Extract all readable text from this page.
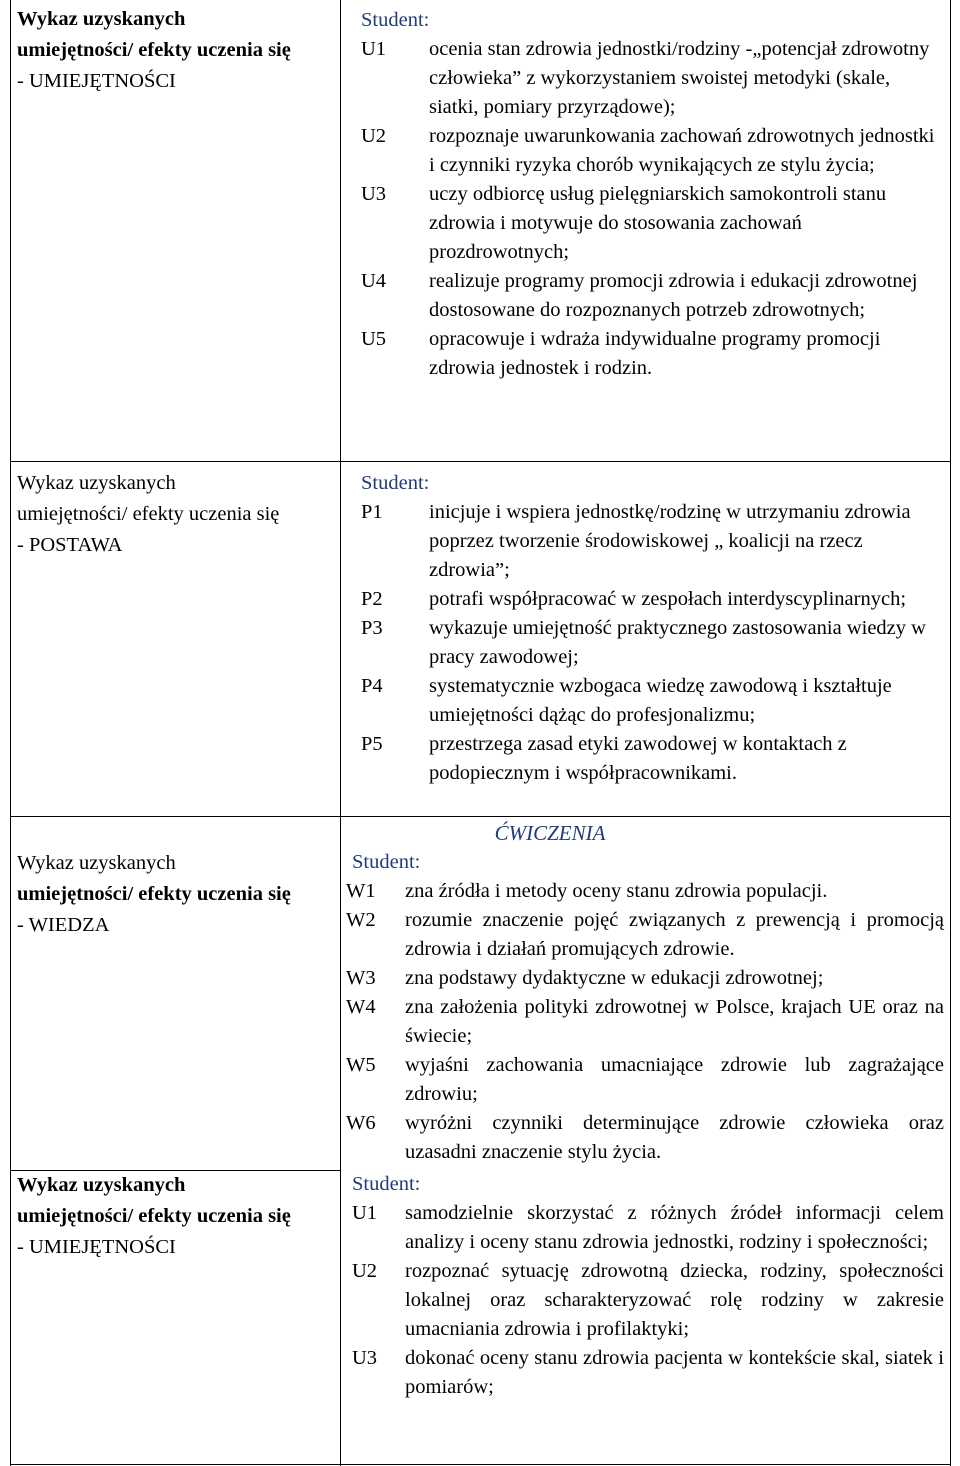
Wykaz uzyskanych
umiejętności/ efekty uczenia się
- UMIEJĘTNOŚCI
Student:
U1	ocenia stan zdrowia jednostki/rodziny -„potencjał zdrowotny człowieka” z wykorzystaniem swoistej metodyki (skale, siatki, pomiary przyrządowe);
U2	rozpoznaje uwarunkowania zachowań zdrowotnych jednostki i czynniki ryzyka chorób wynikających ze stylu życia;
U3	uczy odbiorcę usług pielęgniarskich samokontroli stanu zdrowia i motywuje do stosowania zachowań prozdrowotnych;
U4	realizuje programy promocji zdrowia i edukacji zdrowotnej dostosowane do rozpoznanych potrzeb zdrowotnych;
U5	opracowuje i wdraża indywidualne programy promocji zdrowia jednostek i rodzin.
Wykaz uzyskanych
umiejętności/ efekty uczenia się
- POSTAWA
Student:
P1	inicjuje i wspiera jednostkę/rodzinę w utrzymaniu zdrowia poprzez tworzenie środowiskowej „ koalicji na rzecz zdrowia”;
P2	potrafi współpracować w zespołach interdyscyplinarnych;
P3	wykazuje umiejętność praktycznego zastosowania wiedzy w pracy zawodowej;
P4	systematycznie wzbogaca wiedzę zawodową i kształtuje umiejętności dążąc do profesjonalizmu;
P5	przestrzega zasad etyki zawodowej w kontaktach z podopiecznym i współpracownikami.
ĆWICZENIA
Wykaz uzyskanych
umiejętności/ efekty uczenia się
- WIEDZA
Student:
W1	zna źródła i metody oceny stanu zdrowia populacji.
W2	rozumie znaczenie pojęć związanych z prewencją i promocją zdrowia i działań promujących zdrowie.
W3	zna podstawy dydaktyczne w edukacji zdrowotnej;
W4	zna założenia polityki zdrowotnej w Polsce, krajach UE oraz na świecie;
W5	wyjaśni zachowania umacniające zdrowie lub zagrażające zdrowiu;
W6	wyróżni czynniki determinujące zdrowie człowieka oraz uzasadni znaczenie stylu życia.
Wykaz uzyskanych
umiejętności/ efekty uczenia się
- UMIEJĘTNOŚCI
Student:
U1	samodzielnie skorzystać z różnych źródeł informacji celem analizy i oceny stanu zdrowia jednostki, rodziny i społeczności;
U2	rozpoznać sytuację zdrowotną dziecka, rodziny, społeczności lokalnej oraz scharakteryzować rolę rodziny w zakresie umacniania zdrowia i profilaktyki;
U3	dokonać oceny stanu zdrowia pacjenta w kontekście skal, siatek i pomiarów;
